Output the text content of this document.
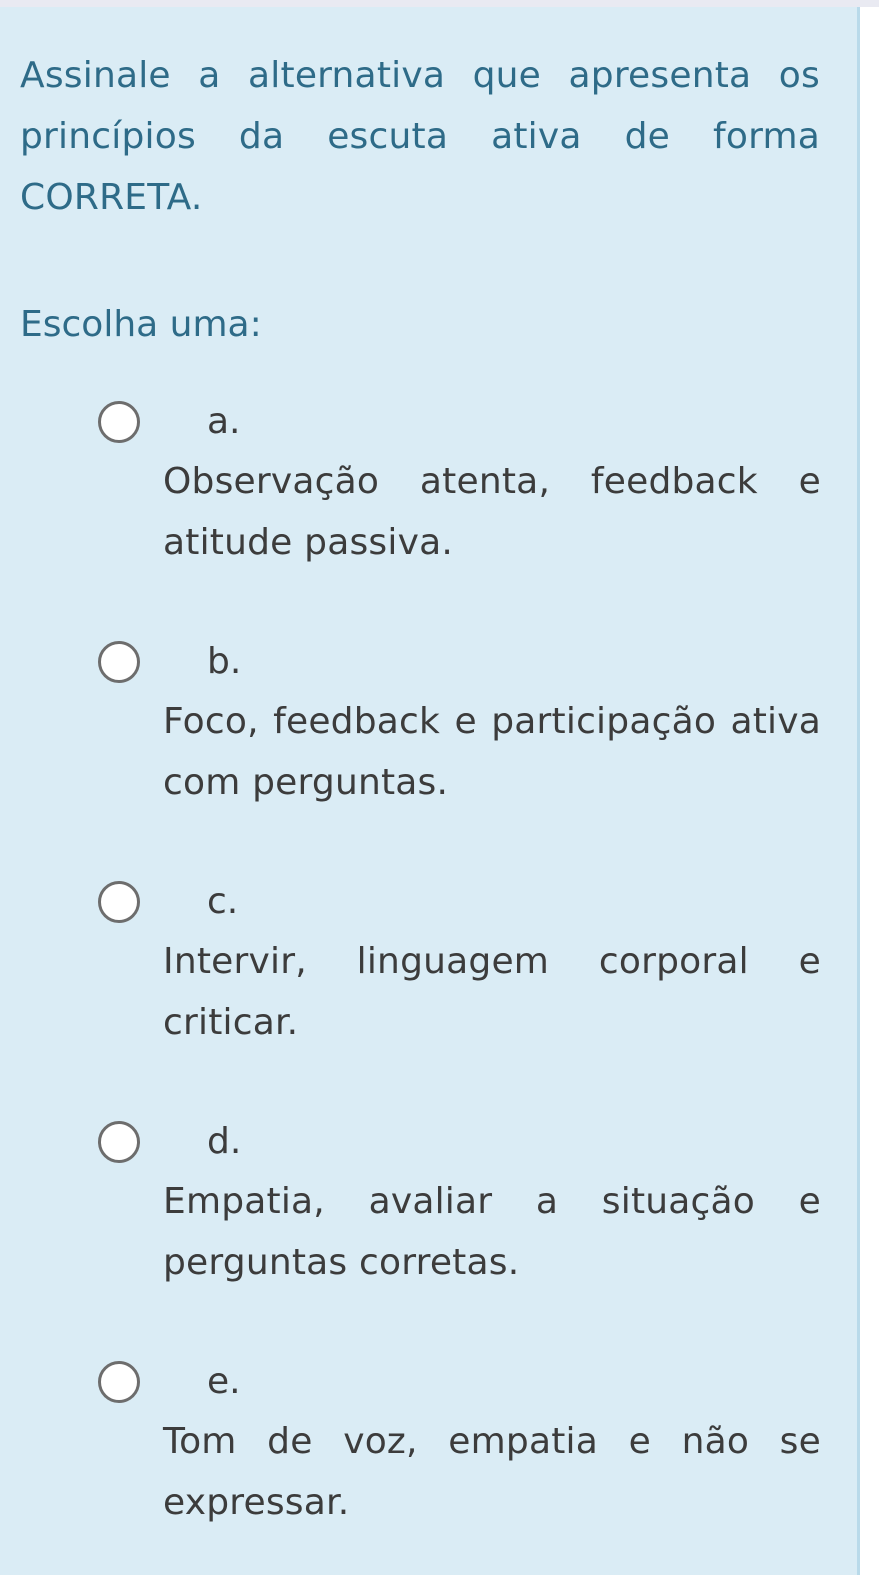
Assinale a alternativa que apresenta os princípios da escuta ativa de forma CORRETA.

Escolha uma:

a.
Observação atenta, feedback e atitude passiva.
b.
Foco, feedback e participação ativa com perguntas.
c.
Intervir, linguagem corporal e criticar.
d.
Empatia, avaliar a situação e perguntas corretas.
e.
Tom de voz, empatia e não se expressar.
